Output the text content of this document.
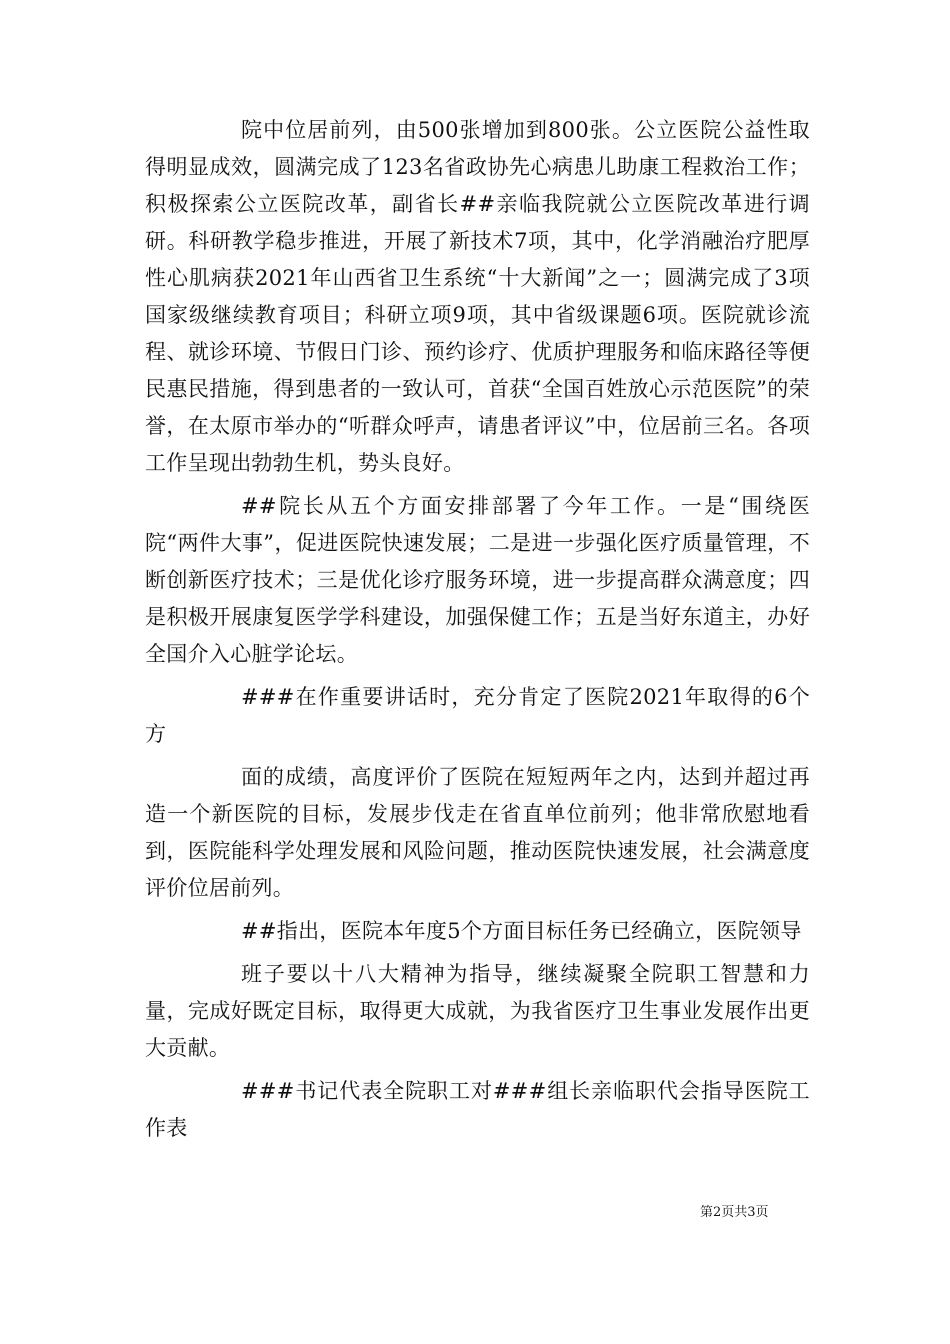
院中位居前列，由500张增加到800张。公立医院公益性取得明显成效，圆满完成了123名省政协先心病患儿助康工程救治工作；积极探索公立医院改革，副省长##亲临我院就公立医院改革进行调研。科研教学稳步推进，开展了新技术7项，其中，化学消融治疗肥厚性心肌病获2021年山西省卫生系统“十大新闻”之一；圆满完成了3项国家级继续教育项目；科研立项9项，其中省级课题6项。医院就诊流程、就诊环境、节假日门诊、预约诊疗、优质护理服务和临床路径等便民惠民措施，得到患者的一致认可，首获“全国百姓放心示范医院”的荣誉，在太原市举办的“听群众呼声，请患者评议”中，位居前三名。各项工作呈现出勃勃生机，势头良好。

##院长从五个方面安排部署了今年工作。一是“围绕医院“两件大事”，促进医院快速发展；二是进一步强化医疗质量管理，不断创新医疗技术；三是优化诊疗服务环境，进一步提高群众满意度；四是积极开展康复医学学科建设，加强保健工作；五是当好东道主，办好全国介入心脏学论坛。

###在作重要讲话时，充分肯定了医院2021年取得的6个方

面的成绩，高度评价了医院在短短两年之内，达到并超过再造一个新医院的目标，发展步伐走在省直单位前列；他非常欣慰地看到，医院能科学处理发展和风险问题，推动医院快速发展，社会满意度评价位居前列。

##指出，医院本年度5个方面目标任务已经确立，医院领导

班子要以十八大精神为指导，继续凝聚全院职工智慧和力量，完成好既定目标，取得更大成就，为我省医疗卫生事业发展作出更大贡献。

###书记代表全院职工对###组长亲临职代会指导医院工作表

第2页共3页
